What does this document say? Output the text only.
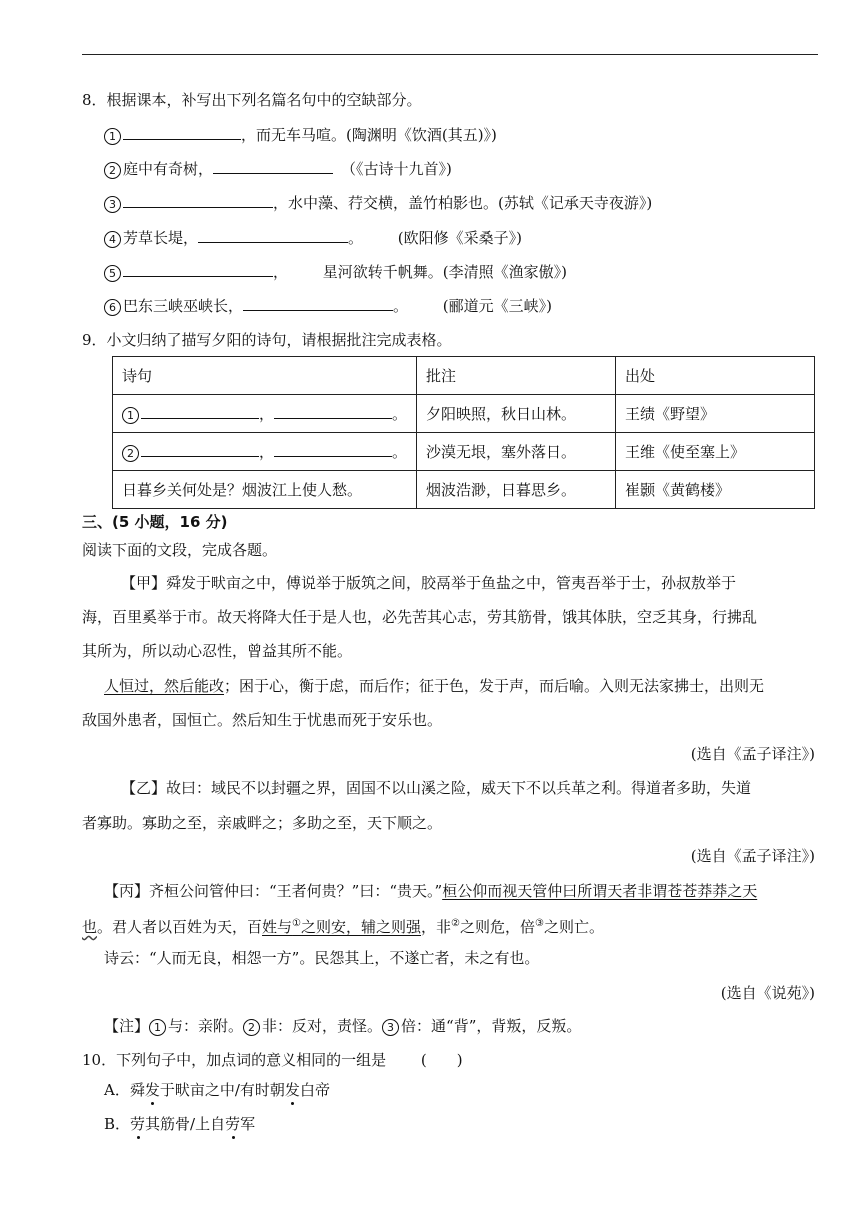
8．根据课本，补写出下列名篇名句中的空缺部分。
1	，而无车马喧。(陶渊明《饮酒(其五)》)
2 庭中有奇树，	（《古诗十九首》)
3	，水中藻、荇交横，盖竹柏影也。(苏轼《记承天寺夜游》)
4 芳草长堤，	。 　　(欧阳修《采桑子》)
5	， 　　星河欲转千帆舞。(李清照《渔家傲》)
6 巴东三峡巫峡长，	。 　　(郦道元《三峡》)
9．小文归纳了描写夕阳的诗句，请根据批注完成表格。
诗句	批注	出处
1 ， 。	夕阳映照，秋日山林。	王绩《野望》
2 ， 。	沙漠无垠，塞外落日。	王维《使至塞上》
日暮乡关何处是？烟波江上使人愁。	烟波浩渺，日暮思乡。	崔颢《黄鹤楼》
三、(5 小题，16 分)
阅读下面的文段，完成各题。
【甲】舜发于畎亩之中，傅说举于版筑之间，胶鬲举于鱼盐之中，管夷吾举于士，孙叔敖举于
海，百里奚举于市。故天将降大任于是人也，必先苦其心志，劳其筋骨，饿其体肤，空乏其身，行拂乱
其所为，所以动心忍性，曾益其所不能。
人恒过，然后能改；困于心，衡于虑，而后作；征于色，发于声，而后喻。入则无法家拂士，出则无
敌国外患者，国恒亡。然后知生于忧患而死于安乐也。
(选自《孟子译注》)
【乙】故曰：域民不以封疆之界，固国不以山溪之险，威天下不以兵革之利。得道者多助，失道
者寡助。寡助之至，亲戚畔之；多助之至，天下顺之。
(选自《孟子译注》)
【丙】齐桓公问管仲曰：“王者何贵？”曰：“贵天。”桓公仰而视天管仲曰所谓天者非谓苍苍莽莽之天
也。君人者以百姓为天，百姓与①之则安，辅之则强，非②之则危，倍③之则亡。
诗云：“人而无良，相怨一方”。民怨其上，不遂亡者，未之有也。
(选自《说苑》)
【注】 1 与：亲附。 2 非：反对，责怪。 3 倍：通“背”，背叛，反叛。
10．下列句子中，加点词的意义相同的一组是 　　(　　)
A．舜发于畎亩之中/有时朝发白帝
B．劳其筋骨/上自劳军
